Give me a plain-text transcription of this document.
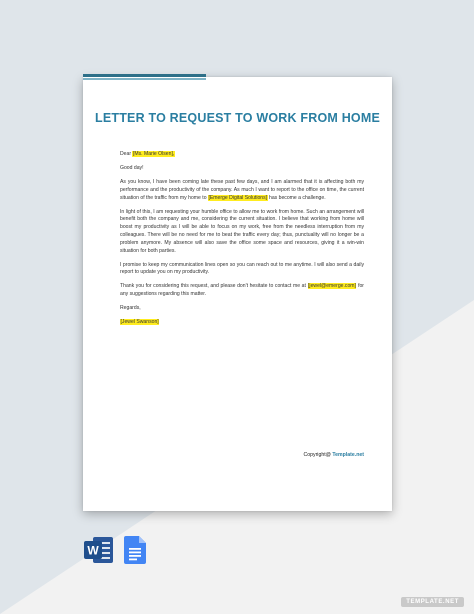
LETTER TO REQUEST TO WORK FROM HOME

Dear [Ms. Marie Olsen],

Good day!

As you know, I have been coming late these past few days, and I am alarmed that it is affecting both my performance and the productivity of the company. As much I want to report to the office on time, the current situation of the traffic from my home to [Emerge Digital Solutions] has become a challenge.

In light of this, I am requesting your humble office to allow me to work from home. Such an arrangement will benefit both the company and me, considering the current situation. I believe that working from home will boost my productivity as I will be able to focus on my work, free from the needless interruption from my colleagues. There will be no need for me to beat the traffic every day; thus, punctuality will no longer be a problem anymore. My absence will also save the office some space and resources, giving it a win-win situation for both parties.

I promise to keep my communication lines open so you can reach out to me anytime. I will also send a daily report to update you on my productivity.

Thank you for considering this request, and please don't hesitate to contact me at [jewel@emerge.com] for any suggestions regarding this matter.

Regards,

[Jewel Swanson]

Copyright@ Template.net
W
TEMPLATE.NET
